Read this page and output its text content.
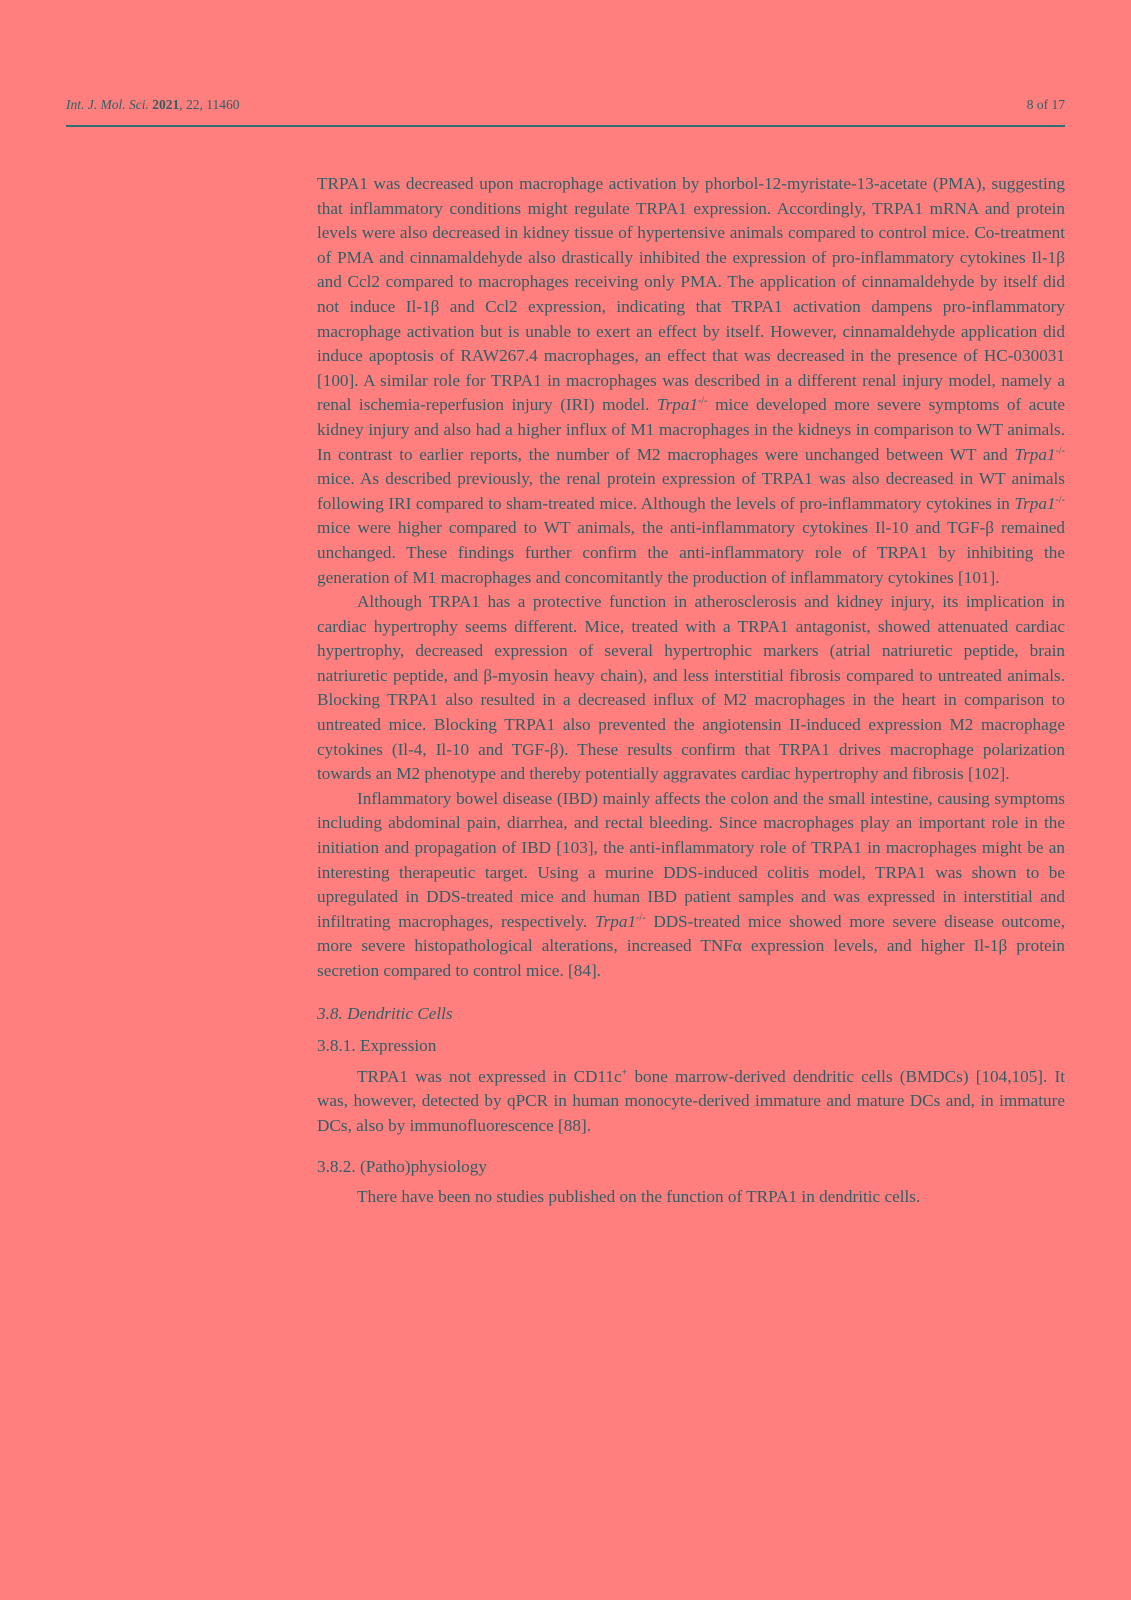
Int. J. Mol. Sci. 2021, 22, 11460	8 of 17

TRPA1 was decreased upon macrophage activation by phorbol-12-myristate-13-acetate (PMA), suggesting that inflammatory conditions might regulate TRPA1 expression. Accordingly, TRPA1 mRNA and protein levels were also decreased in kidney tissue of hypertensive animals compared to control mice. Co-treatment of PMA and cinnamaldehyde also drastically inhibited the expression of pro-inflammatory cytokines Il-1β and Ccl2 compared to macrophages receiving only PMA. The application of cinnamaldehyde by itself did not induce Il-1β and Ccl2 expression, indicating that TRPA1 activation dampens pro-inflammatory macrophage activation but is unable to exert an effect by itself. However, cinnamaldehyde application did induce apoptosis of RAW267.4 macrophages, an effect that was decreased in the presence of HC-030031 [100]. A similar role for TRPA1 in macrophages was described in a different renal injury model, namely a renal ischemia-reperfusion injury (IRI) model. Trpa1-/- mice developed more severe symptoms of acute kidney injury and also had a higher influx of M1 macrophages in the kidneys in comparison to WT animals. In contrast to earlier reports, the number of M2 macrophages were unchanged between WT and Trpa1-/- mice. As described previously, the renal protein expression of TRPA1 was also decreased in WT animals following IRI compared to sham-treated mice. Although the levels of pro-inflammatory cytokines in Trpa1-/- mice were higher compared to WT animals, the anti-inflammatory cytokines Il-10 and TGF-β remained unchanged. These findings further confirm the anti-inflammatory role of TRPA1 by inhibiting the generation of M1 macrophages and concomitantly the production of inflammatory cytokines [101].

Although TRPA1 has a protective function in atherosclerosis and kidney injury, its implication in cardiac hypertrophy seems different. Mice, treated with a TRPA1 antagonist, showed attenuated cardiac hypertrophy, decreased expression of several hypertrophic markers (atrial natriuretic peptide, brain natriuretic peptide, and β-myosin heavy chain), and less interstitial fibrosis compared to untreated animals. Blocking TRPA1 also resulted in a decreased influx of M2 macrophages in the heart in comparison to untreated mice. Blocking TRPA1 also prevented the angiotensin II-induced expression M2 macrophage cytokines (Il-4, Il-10 and TGF-β). These results confirm that TRPA1 drives macrophage polarization towards an M2 phenotype and thereby potentially aggravates cardiac hypertrophy and fibrosis [102].

Inflammatory bowel disease (IBD) mainly affects the colon and the small intestine, causing symptoms including abdominal pain, diarrhea, and rectal bleeding. Since macrophages play an important role in the initiation and propagation of IBD [103], the anti-inflammatory role of TRPA1 in macrophages might be an interesting therapeutic target. Using a murine DDS-induced colitis model, TRPA1 was shown to be upregulated in DDS-treated mice and human IBD patient samples and was expressed in interstitial and infiltrating macrophages, respectively. Trpa1-/- DDS-treated mice showed more severe disease outcome, more severe histopathological alterations, increased TNFα expression levels, and higher Il-1β protein secretion compared to control mice. [84].

3.8. Dendritic Cells

3.8.1. Expression

TRPA1 was not expressed in CD11c+ bone marrow-derived dendritic cells (BMDCs) [104,105]. It was, however, detected by qPCR in human monocyte-derived immature and mature DCs and, in immature DCs, also by immunofluorescence [88].

3.8.2. (Patho)physiology

There have been no studies published on the function of TRPA1 in dendritic cells.
